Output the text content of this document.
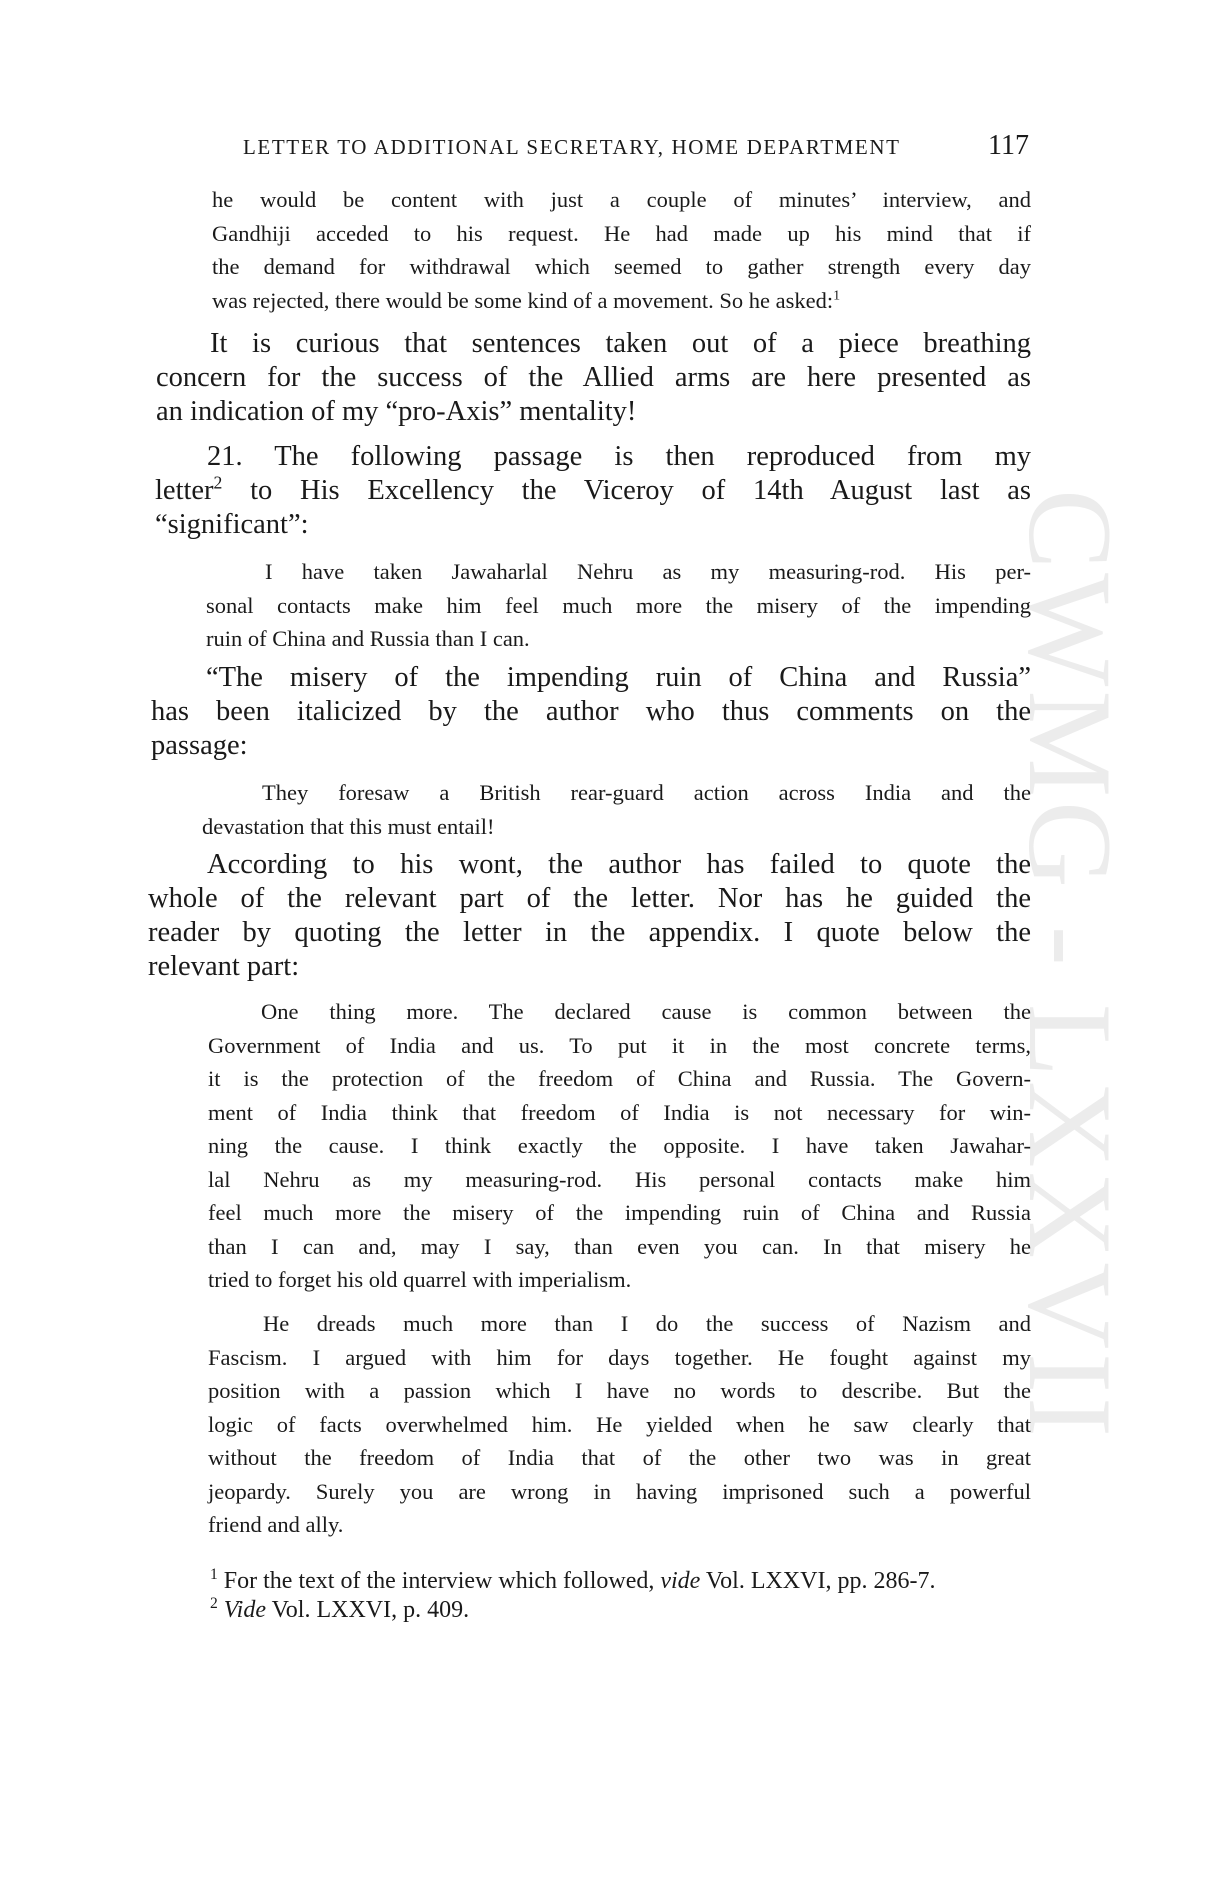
CWMG - LXXVII
LETTER TO ADDITIONAL SECRETARY, HOME DEPARTMENT	117
he would be content with just a couple of minutes’ interview, and
Gandhiji acceded to his request. He had made up his mind that if
the demand for withdrawal which seemed to gather strength every day
was rejected, there would be some kind of a movement. So he asked:$^1$
It is curious that sentences taken out of a piece breathing
concern for the success of the Allied arms are here presented as
an indication of my “pro-Axis” mentality!
21. The following passage is then reproduced from my
letter$^2$ to His Excellency the Viceroy of 14th August last as
“significant”:
I have taken Jawaharlal Nehru as my measuring-rod. His per-
sonal contacts make him feel much more the misery of the impending
ruin of China and Russia than I can.
“The misery of the impending ruin of China and Russia”
has been italicized by the author who thus comments on the
passage:
They foresaw a British rear-guard action across India and the
devastation that this must entail!
According to his wont, the author has failed to quote the
whole of the relevant part of the letter. Nor has he guided the
reader by quoting the letter in the appendix. I quote below the
relevant part:
One thing more. The declared cause is common between the
Government of India and us. To put it in the most concrete terms,
it is the protection of the freedom of China and Russia. The Govern-
ment of India think that freedom of India is not necessary for win-
ning the cause. I think exactly the opposite. I have taken Jawahar-
lal Nehru as my measuring-rod. His personal contacts make him
feel much more the misery of the impending ruin of China and Russia
than I can and, may I say, than even you can. In that misery he
tried to forget his old quarrel with imperialism.
He dreads much more than I do the success of Nazism and
Fascism. I argued with him for days together. He fought against my
position with a passion which I have no words to describe. But the
logic of facts overwhelmed him. He yielded when he saw clearly that
without the freedom of India that of the other two was in great
jeopardy. Surely you are wrong in having imprisoned such a powerful
friend and ally.
$^1$ For the text of the interview which followed, vide Vol. LXXVI, pp. 286-7.
$^2$ Vide Vol. LXXVI, p. 409.
